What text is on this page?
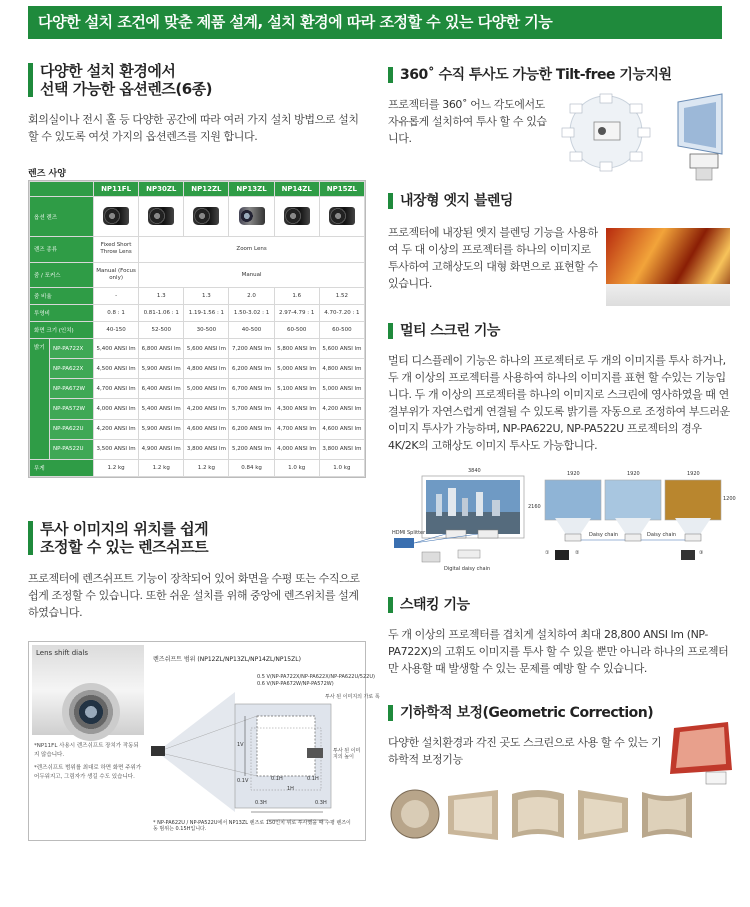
다양한 설치 조건에 맞춘 제품 설계, 설치 환경에 따라 조정할 수 있는 다양한 기능
다양한 설치 환경에서
선택 가능한 옵션렌즈(6종)
회의실이나 전시 홀 등 다양한 공간에 따라 여러 가지 설치 방법으로 설치할 수 있도록 여섯 가지의 옵션렌즈를 지원 합니다.
렌즈 사양
		NP11FL	NP30ZL	NP12ZL	NP13ZL	NP14ZL	NP15ZL
옵션 렌즈							
렌즈 종류		Fixed Short Throw Lens	Zoom Lens				
줌 / 포커스		Manual (Focus only)	Manual				
줌 비율		-	1.3	1.3	2.0	1.6	1.52
투영비		0.8 : 1	0.81-1.06 : 1	1.19-1.56 : 1	1.50-3.02 : 1	2.97-4.79 : 1	4.70-7.20 : 1
화면 크기 (인치)		40-150	52-500	30-500	40-500	60-500	60-500
밝기	NP-PA722X	5,400 ANSI lm	6,800 ANSI lm	5,600 ANSI lm	7,200 ANSI lm	5,800 ANSI lm	5,600 ANSI lm
	NP-PA622X	4,500 ANSI lm	5,900 ANSI lm	4,800 ANSI lm	6,200 ANSI lm	5,000 ANSI lm	4,800 ANSI lm
	NP-PA672W	4,700 ANSI lm	6,400 ANSI lm	5,000 ANSI lm	6,700 ANSI lm	5,100 ANSI lm	5,000 ANSI lm
	NP-PA572W	4,000 ANSI lm	5,400 ANSI lm	4,200 ANSI lm	5,700 ANSI lm	4,300 ANSI lm	4,200 ANSI lm
	NP-PA622U	4,200 ANSI lm	5,900 ANSI lm	4,600 ANSI lm	6,200 ANSI lm	4,700 ANSI lm	4,600 ANSI lm
	NP-PA522U	3,500 ANSI lm	4,900 ANSI lm	3,800 ANSI lm	5,200 ANSI lm	4,000 ANSI lm	3,800 ANSI lm
무게		1.2 kg	1.2 kg	1.2 kg	0.84 kg	1.0 kg	1.0 kg
투사 이미지의 위치를 쉽게
조정할 수 있는 렌즈쉬프트
프로젝터에 렌즈쉬프트 기능이 장착되어 있어 화면을 수평 또는 수직으로 쉽게 조정할 수 있습니다. 또한 쉬운 설치를 위해 중앙에 렌즈위치를 설계하였습니다.
Lens shift dials
*NP11FL 사용시 렌즈쉬프트 장치가 작동되지 않습니다.
*렌즈쉬프트 범위를 최대로 하면 화면 주위가 어두워지고, 그림자가 생길 수도 있습니다.
렌즈쉬프트 범위 (NP12ZL/NP13ZL/NP14ZL/NP15ZL)
0.5 V(NP-PA722X/NP-PA622X/NP-PA622U/522U)
0.6 V(NP-PA672W/NP-PA572W)
투사 된 이미지의 가로 폭
1V
0.1V	0.1H	0.1H
1H
0.3H	0.3H
투사 된 이미지의 높이
* NP-PA622U / NP-PA522U에서 NP13ZL 렌즈로 150인치 위로 투사했을 때 수평 렌즈이동 범위는 0.15H입니다.
360˚ 수직 투사도 가능한 Tilt-free 기능지원
프로젝터를 360˚ 어느 각도에서도 자유롭게 설치하여 투사 할 수 있습니다.
내장형 엣지 블렌딩
프로젝터에 내장된 엣지 블렌딩 기능을 사용하여 두 대 이상의 프로젝터를 하나의 이미지로 투사하여 고해상도의 대형 화면으로 표현할 수있습니다.
멀티 스크린 기능
멀티 디스플레이 기능은 하나의 프로젝터로 두 개의 이미지를 투사 하거나, 두 개 이상의 프로젝터를 사용하여 하나의 이미지를 표현 할 수있는 기능입니다. 두 개 이상의 프로젝터를 하나의 이미지로 스크린에 영사하였을 때 연결부위가 자연스럽게 연결될 수 있도록 밝기를 자동으로 조정하여 부드러운 이미지 투사가 가능하며, NP-PA622U, NP-PA522U 프로젝터의 경우 4K/2K의 고해상도 이미지 투사도 가능합니다.
3840
2160
HDMI Splitter
Digital daisy chain
1920	1920	1920
1200
Daisy chain	Daisy chain
①	②	③
스태킹 기능
두 개 이상의 프로젝터를 겹치게 설치하여 최대 28,800 ANSI lm (NP-PA722X)의 고휘도 이미지를 투사 할 수 있을 뿐만 아니라 하나의 프로젝터만 사용할 때 발생할 수 있는 문제를 예방 할 수 있습니다.
기하학적 보정(Geometric Correction)
다양한 설치환경과 각진 곳도 스크린으로 사용 할 수 있는 기하학적 보정기능
